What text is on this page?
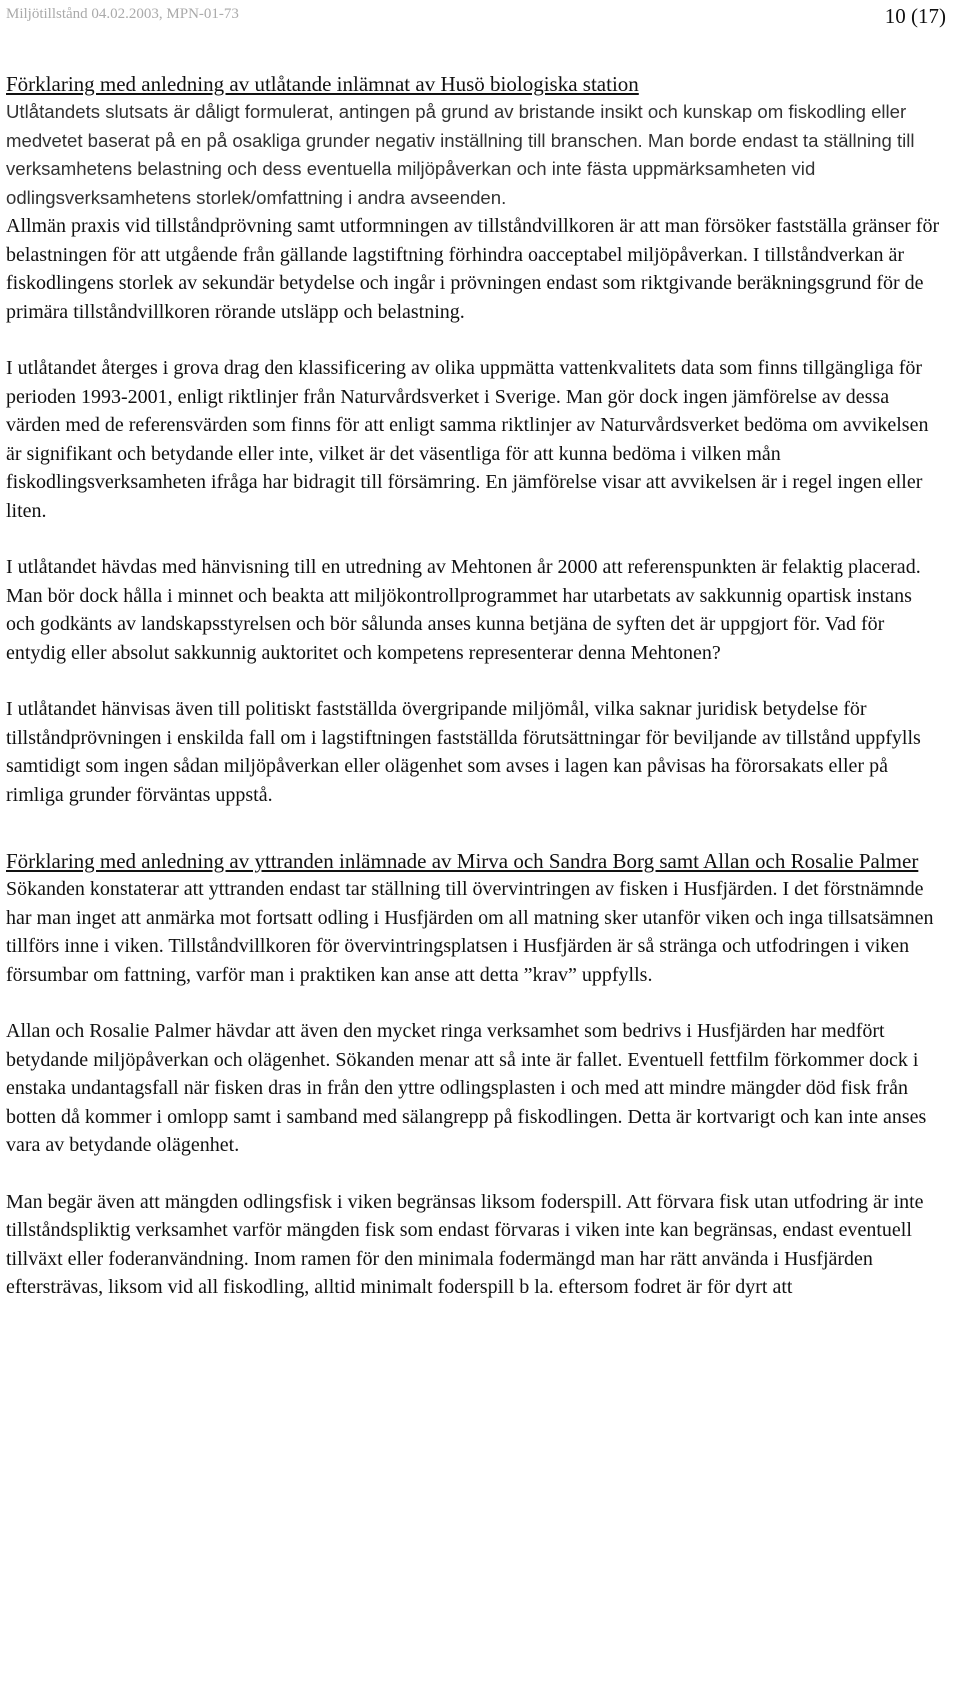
Miljötillstånd 04.02.2003, MPN-01-73	10 (17)
Förklaring med anledning av utlåtande inlämnat av Husö biologiska station

Utlåtandets slutsats är dåligt formulerat, antingen på grund av bristande insikt och kunskap om fiskodling eller medvetet baserat på en på osakliga grunder negativ inställning till branschen. Man borde endast ta ställning till verksamhetens belastning och dess eventuella miljöpåverkan och inte fästa uppmärksamheten vid odlingsverksamhetens storlek/omfattning i andra avseenden.

Allmän praxis vid tillståndprövning samt utformningen av tillståndvillkoren är att man försöker fastställa gränser för belastningen för att utgående från gällande lagstiftning förhindra oacceptabel miljöpåverkan. I tillståndverkan är fiskodlingens storlek av sekundär betydelse och ingår i prövningen endast som riktgivande beräkningsgrund för de primära tillståndvillkoren rörande utsläpp och belastning.

I utlåtandet återges i grova drag den klassificering av olika uppmätta vattenkvalitets data som finns tillgängliga för perioden 1993-2001, enligt riktlinjer från Naturvårdsverket i Sverige. Man gör dock ingen jämförelse av dessa värden med de referensvärden som finns för att enligt samma riktlinjer av Naturvårdsverket bedöma om avvikelsen är signifikant och betydande eller inte, vilket är det väsentliga för att kunna bedöma i vilken mån fiskodlingsverksamheten ifråga har bidragit till försämring. En jämförelse visar att avvikelsen är i regel ingen eller liten.

I utlåtandet hävdas med hänvisning till en utredning av Mehtonen år 2000 att referenspunkten är felaktig placerad. Man bör dock hålla i minnet och beakta att miljökontrollprogrammet har utarbetats av sakkunnig opartisk instans och godkänts av landskapsstyrelsen och bör sålunda anses kunna betjäna de syften det är uppgjort för. Vad för entydig eller absolut sakkunnig auktoritet och kompetens representerar denna Mehtonen?

I utlåtandet hänvisas även till politiskt fastställda övergripande miljömål, vilka saknar juridisk betydelse för tillståndprövningen i enskilda fall om i lagstiftningen fastställda förutsättningar för beviljande av tillstånd uppfylls samtidigt som ingen sådan miljöpåverkan eller olägenhet som avses i lagen kan påvisas ha förorsakats eller på rimliga grunder förväntas uppstå.

Förklaring med anledning av yttranden inlämnade av Mirva och Sandra Borg samt Allan och Rosalie Palmer

Sökanden konstaterar att yttranden endast tar ställning till övervintringen av fisken i Husfjärden. I det förstnämnde har man inget att anmärka mot fortsatt odling i Husfjärden om all matning sker utanför viken och inga tillsatsämnen tillförs inne i viken. Tillståndvillkoren för övervintringsplatsen i Husfjärden är så stränga och utfodringen i viken försumbar om fattning, varför man i praktiken kan anse att detta ”krav” uppfylls.

Allan och Rosalie Palmer hävdar att även den mycket ringa verksamhet som bedrivs i Husfjärden har medfört betydande miljöpåverkan och olägenhet. Sökanden menar att så inte är fallet. Eventuell fettfilm förkommer dock i enstaka undantagsfall när fisken dras in från den yttre odlingsplasten i och med att mindre mängder död fisk från botten då kommer i omlopp samt i samband med sälangrepp på fiskodlingen. Detta är kortvarigt och kan inte anses vara av betydande olägenhet.

Man begär även att mängden odlingsfisk i viken begränsas liksom foderspill. Att förvara fisk utan utfodring är inte tillståndspliktig verksamhet varför mängden fisk som endast förvaras i viken inte kan begränsas, endast eventuell tillväxt eller foderanvändning. Inom ramen för den minimala fodermängd man har rätt använda i Husfjärden eftersträvas, liksom vid all fiskodling, alltid minimalt foderspill b la. eftersom fodret är för dyrt att
